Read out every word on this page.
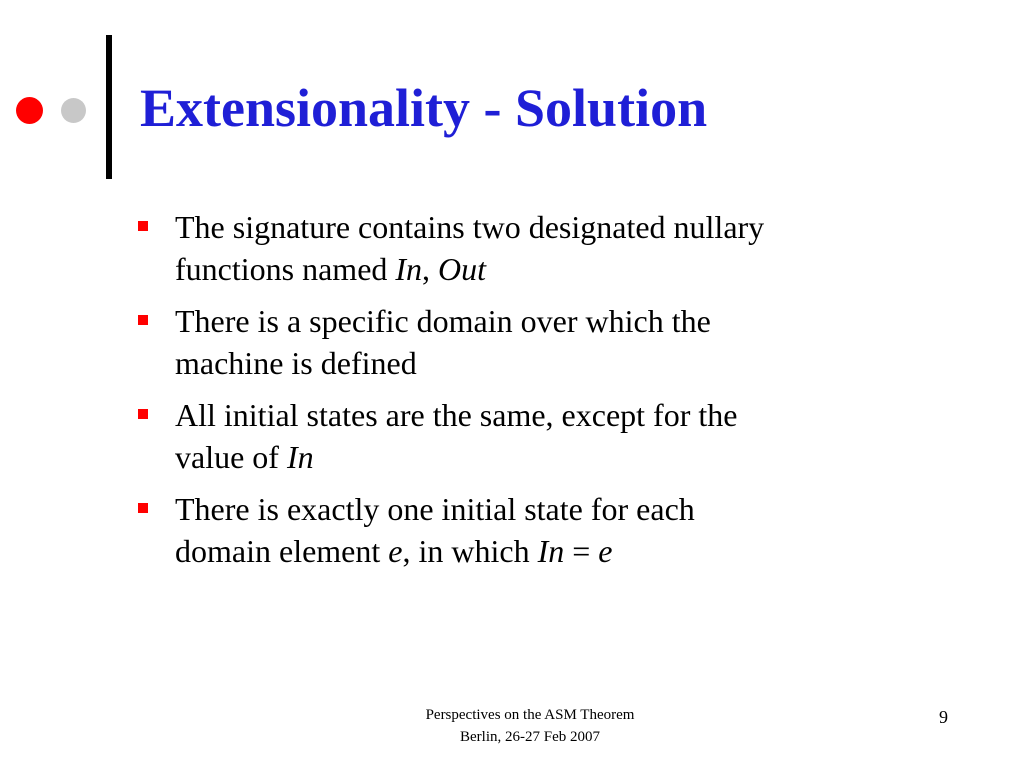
Extensionality - Solution
The signature contains two designated nullary
functions named In, Out
There is a specific domain over which the
machine is defined
All initial states are the same, except for the
value of In
There is exactly one initial state for each
domain element e, in which In = e
Perspectives on the ASM Theorem
Berlin, 26-27 Feb 2007
9
